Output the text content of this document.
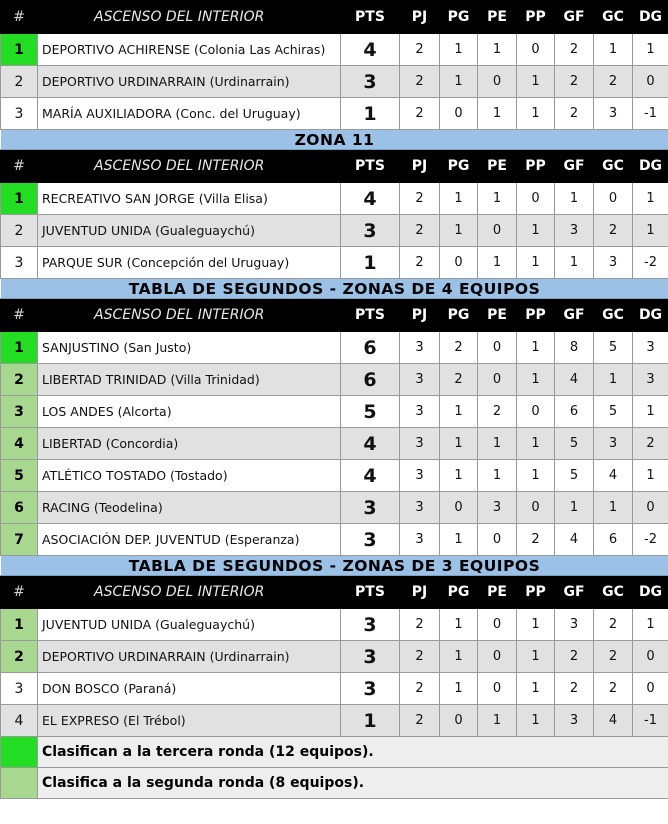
#	ASCENSO DEL INTERIOR	PTS	PJ	PG	PE	PP	GF	GC	DG
1	DEPORTIVO ACHIRENSE (Colonia Las Achiras)	4	2	1	1	0	2	1	1
2	DEPORTIVO URDINARRAIN (Urdinarrain)	3	2	1	0	1	2	2	0
3	MARÍA AUXILIADORA (Conc. del Uruguay)	1	2	0	1	1	2	3	-1
ZONA 11									
#	ASCENSO DEL INTERIOR	PTS	PJ	PG	PE	PP	GF	GC	DG
1	RECREATIVO SAN JORGE (Villa Elisa)	4	2	1	1	0	1	0	1
2	JUVENTUD UNIDA (Gualeguaychú)	3	2	1	0	1	3	2	1
3	PARQUE SUR (Concepción del Uruguay)	1	2	0	1	1	1	3	-2
TABLA DE SEGUNDOS - ZONAS DE 4 EQUIPOS									
#	ASCENSO DEL INTERIOR	PTS	PJ	PG	PE	PP	GF	GC	DG
1	SANJUSTINO (San Justo)	6	3	2	0	1	8	5	3
2	LIBERTAD TRINIDAD (Villa Trinidad)	6	3	2	0	1	4	1	3
3	LOS ANDES (Alcorta)	5	3	1	2	0	6	5	1
4	LIBERTAD (Concordia)	4	3	1	1	1	5	3	2
5	ATLÉTICO TOSTADO (Tostado)	4	3	1	1	1	5	4	1
6	RACING (Teodelina)	3	3	0	3	0	1	1	0
7	ASOCIACIÓN DEP. JUVENTUD (Esperanza)	3	3	1	0	2	4	6	-2
TABLA DE SEGUNDOS - ZONAS DE 3 EQUIPOS									
#	ASCENSO DEL INTERIOR	PTS	PJ	PG	PE	PP	GF	GC	DG
1	JUVENTUD UNIDA (Gualeguaychú)	3	2	1	0	1	3	2	1
2	DEPORTIVO URDINARRAIN (Urdinarrain)	3	2	1	0	1	2	2	0
3	DON BOSCO (Paraná)	3	2	1	0	1	2	2	0
4	EL EXPRESO (El Trébol)	1	2	0	1	1	3	4	-1
	Clasifican a la tercera ronda (12 equipos).								
	Clasifica a la segunda ronda (8 equipos).								
